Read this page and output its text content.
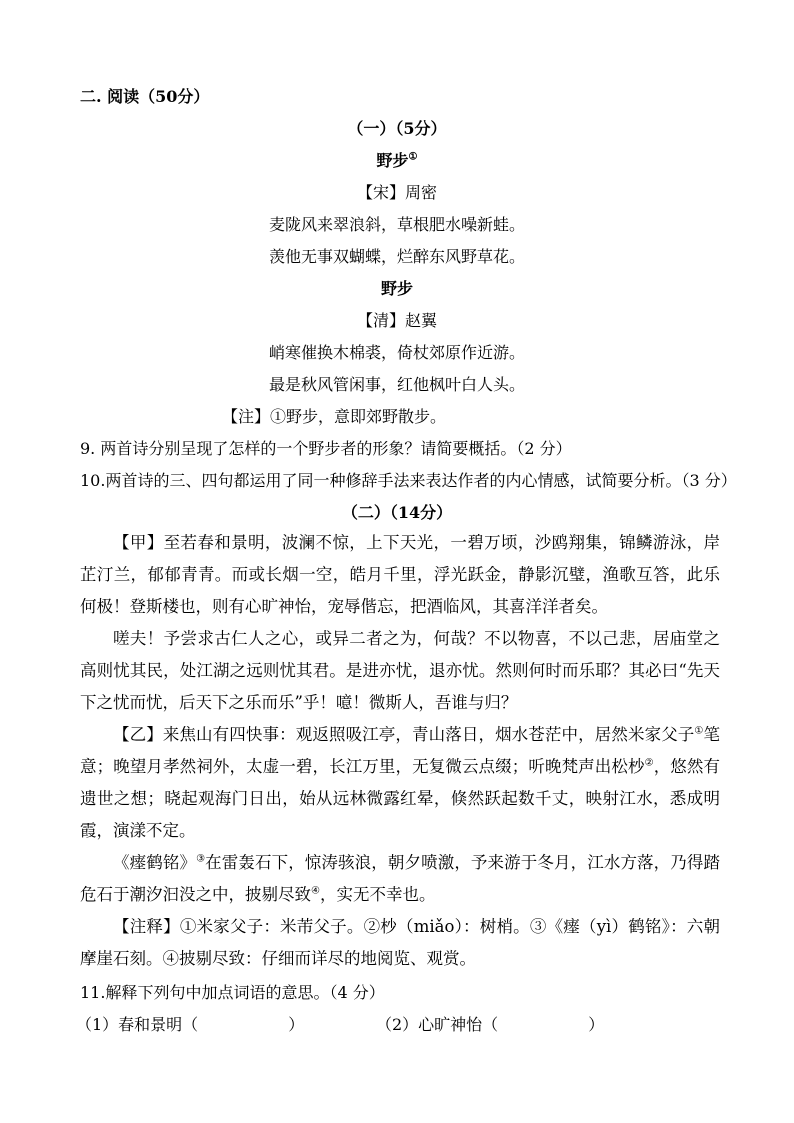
二. 阅读（50分）
（一）（5分）
野步①
【宋】周密
麦陇风来翠浪斜，草根肥水噪新蛙。
羡他无事双蝴蝶，烂醉东风野草花。
野步
【清】赵翼
峭寒催换木棉裘，倚杖郊原作近游。
最是秋风管闲事，红他枫叶白人头。
【注】①野步，意即郊野散步。
9. 两首诗分别呈现了怎样的一个野步者的形象？请简要概括。（2 分）
10.两首诗的三、四句都运用了同一种修辞手法来表达作者的内心情感，试简要分析。（3 分）
（二）（14分）

【甲】至若春和景明，波澜不惊，上下天光，一碧万顷，沙鸥翔集，锦鳞游泳，岸芷汀兰，郁郁青青。而或长烟一空，皓月千里，浮光跃金，静影沉璧，渔歌互答，此乐何极！登斯楼也，则有心旷神怡，宠辱偕忘，把酒临风，其喜洋洋者矣。

嗟夫！予尝求古仁人之心，或异二者之为，何哉？不以物喜，不以己悲，居庙堂之高则忧其民，处江湖之远则忧其君。是进亦忧，退亦忧。然则何时而乐耶？其必曰“先天下之忧而忧，后天下之乐而乐”乎！噫！微斯人，吾谁与归？

【乙】来焦山有四快事：观返照吸江亭，青山落日，烟水苍茫中，居然米家父子①笔意；晚望月孝然祠外，太虚一碧，长江万里，无复微云点缀；听晚梵声出松杪②，悠然有遗世之想；晓起观海门日出，始从远林微露红晕，倏然跃起数千丈，映射江水，悉成明霞，演漾不定。

《瘗鹤铭》③在雷轰石下，惊涛骇浪，朝夕喷激，予来游于冬月，江水方落，乃得踏危石于潮汐汩没之中，披剔尽致④，实无不幸也。

【注释】①米家父子：米芾父子。②杪（miǎo）：树梢。③《瘗（yì）鹤铭》：六朝摩崖石刻。④披剔尽致：仔细而详尽的地阅览、观赏。

11.解释下列句中加点词语的意思。（4 分）
（1）春和景明（	）	（2）心旷神怡（	）
